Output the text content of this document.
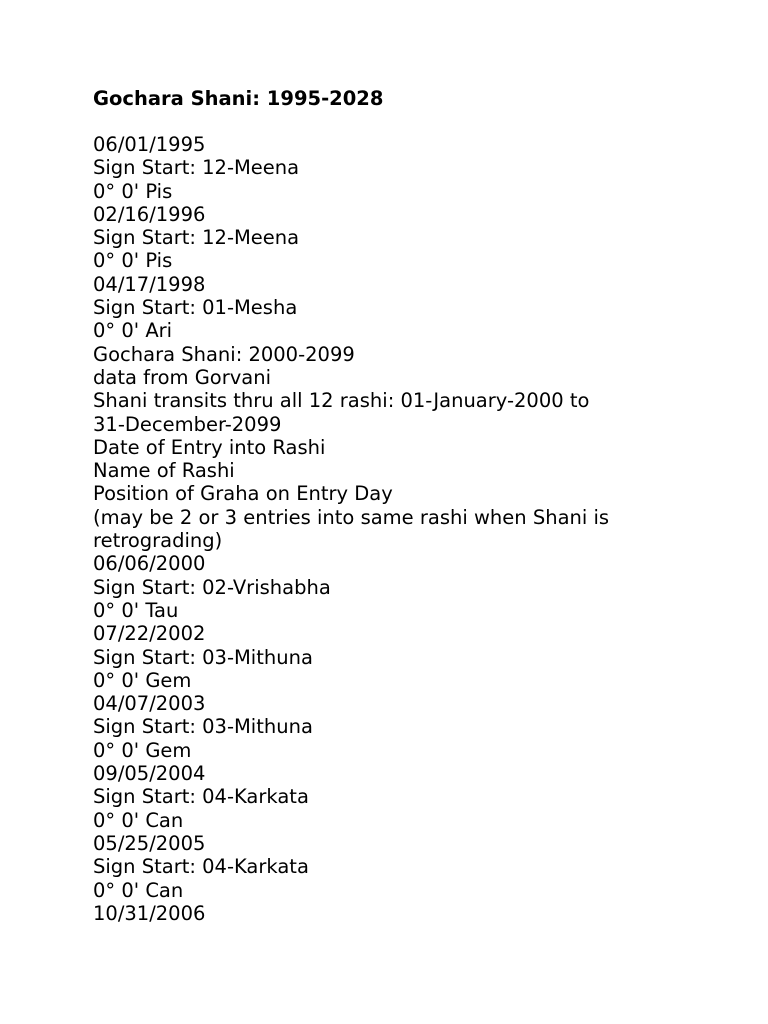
Gochara Shani: 1995-2028
06/01/1995
Sign Start: 12-Meena
0° 0' Pis
02/16/1996
Sign Start: 12-Meena
0° 0' Pis
04/17/1998
Sign Start: 01-Mesha
0° 0' Ari
Gochara Shani: 2000-2099
data from Gorvani
Shani transits thru all 12 rashi: 01-January-2000 to
31-December-2099
Date of Entry into Rashi
Name of Rashi
Position of Graha on Entry Day
(may be 2 or 3 entries into same rashi when Shani is
retrograding)
06/06/2000
Sign Start: 02-Vrishabha
0° 0' Tau
07/22/2002
Sign Start: 03-Mithuna
0° 0' Gem
04/07/2003
Sign Start: 03-Mithuna
0° 0' Gem
09/05/2004
Sign Start: 04-Karkata
0° 0' Can
05/25/2005
Sign Start: 04-Karkata
0° 0' Can
10/31/2006
